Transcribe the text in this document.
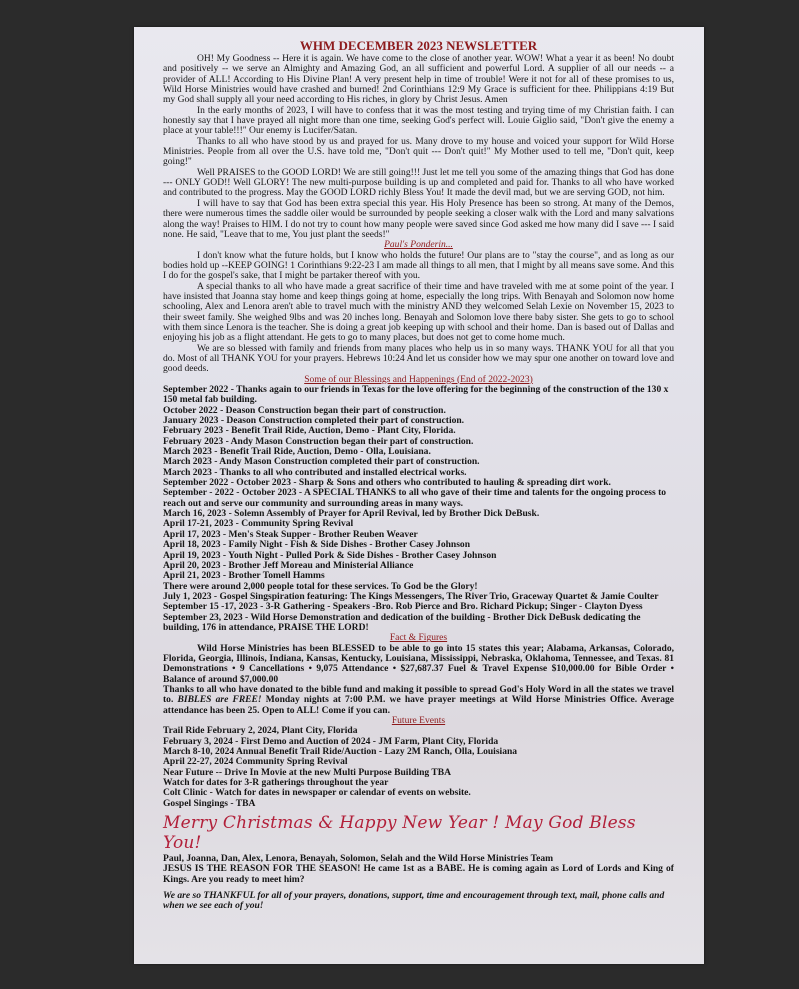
WHM DECEMBER 2023 NEWSLETTER

OH! My Goodness -- Here it is again. We have come to the close of another year. WOW! What a year it as been! No doubt and positively -- we serve an Almighty and Amazing God, an all sufficient and powerful Lord. A supplier of all our needs -- a provider of ALL! According to His Divine Plan! A very present help in time of trouble! Were it not for all of these promises to us, Wild Horse Ministries would have crashed and burned! 2nd Corinthians 12:9 My Grace is sufficient for thee. Philippians 4:19 But my God shall supply all your need according to His riches, in glory by Christ Jesus. Amen

In the early months of 2023, I will have to confess that it was the most testing and trying time of my Christian faith. I can honestly say that I have prayed all night more than one time, seeking God's perfect will. Louie Giglio said, "Don't give the enemy a place at your table!!!" Our enemy is Lucifer/Satan.

Thanks to all who have stood by us and prayed for us. Many drove to my house and voiced your support for Wild Horse Ministries. People from all over the U.S. have told me, "Don't quit --- Don't quit!" My Mother used to tell me, "Don't quit, keep going!"

Well PRAISES to the GOOD LORD! We are still going!!! Just let me tell you some of the amazing things that God has done --- ONLY GOD!! Well GLORY! The new multi-purpose building is up and completed and paid for. Thanks to all who have worked and contributed to the progress. May the GOOD LORD richly Bless You! It made the devil mad, but we are serving GOD, not him.

I will have to say that God has been extra special this year. His Holy Presence has been so strong. At many of the Demos, there were numerous times the saddle oiler would be surrounded by people seeking a closer walk with the Lord and many salvations along the way! Praises to HIM. I do not try to count how many people were saved since God asked me how many did I save --- I said none. He said, "Leave that to me, You just plant the seeds!"

Paul's Ponderin...

I don't know what the future holds, but I know who holds the future! Our plans are to "stay the course", and as long as our bodies hold up --KEEP GOING! 1 Corinthians 9:22-23 I am made all things to all men, that I might by all means save some. And this I do for the gospel's sake, that I might be partaker thereof with you.

A special thanks to all who have made a great sacrifice of their time and have traveled with me at some point of the year. I have insisted that Joanna stay home and keep things going at home, especially the long trips. With Benayah and Solomon now home schooling, Alex and Lenora aren't able to travel much with the ministry AND they welcomed Selah Lexie on November 15, 2023 to their sweet family. She weighed 9lbs and was 20 inches long. Benayah and Solomon love there baby sister. She gets to go to school with them since Lenora is the teacher. She is doing a great job keeping up with school and their home. Dan is based out of Dallas and enjoying his job as a flight attendant. He gets to go to many places, but does not get to come home much.

We are so blessed with family and friends from many places who help us in so many ways. THANK YOU for all that you do. Most of all THANK YOU for your prayers. Hebrews 10:24 And let us consider how we may spur one another on toward love and good deeds.

Some of our Blessings and Happenings (End of 2022-2023)
September 2022 - Thanks again to our friends in Texas for the love offering for the beginning of the construction of the 130 x 150 metal fab building.
October 2022 - Deason Construction began their part of construction.
January 2023 - Deason Construction completed their part of construction.
February 2023 - Benefit Trail Ride, Auction, Demo - Plant City, Florida.
February 2023 - Andy Mason Construction began their part of construction.
March 2023 - Benefit Trail Ride, Auction, Demo - Olla, Louisiana.
March 2023 - Andy Mason Construction completed their part of construction.
March 2023 - Thanks to all who contributed and installed electrical works.
September 2022 - October 2023 - Sharp & Sons and others who contributed to hauling & spreading dirt work.
September - 2022 - October 2023 - A SPECIAL THANKS to all who gave of their time and talents for the ongoing process to reach out and serve our community and surrounding areas in many ways.
March 16, 2023 - Solemn Assembly of Prayer for April Revival, led by Brother Dick DeBusk.
April 17-21, 2023 - Community Spring Revival
April 17, 2023 - Men's Steak Supper - Brother Reuben Weaver
April 18, 2023 - Family Night - Fish & Side Dishes - Brother Casey Johnson
April 19, 2023 - Youth Night - Pulled Pork & Side Dishes - Brother Casey Johnson
April 20, 2023 - Brother Jeff Moreau and Ministerial Alliance
April 21, 2023 - Brother Tomell Hamms
There were around 2,000 people total for these services. To God be the Glory!
July 1, 2023 - Gospel Singspiration featuring: The Kings Messengers, The River Trio, Graceway Quartet & Jamie Coulter
September 15 -17, 2023 - 3-R Gathering - Speakers -Bro. Rob Pierce and Bro. Richard Pickup; Singer - Clayton Dyess
September 23, 2023 - Wild Horse Demonstration and dedication of the building - Brother Dick DeBusk dedicating the building, 176 in attendance, PRAISE THE LORD!
Fact & Figures

Wild Horse Ministries has been BLESSED to be able to go into 15 states this year; Alabama, Arkansas, Colorado, Florida, Georgia, Illinois, Indiana, Kansas, Kentucky, Louisiana, Mississippi, Nebraska, Oklahoma, Tennessee, and Texas. 81 Demonstrations • 9 Cancellations • 9,075 Attendance • $27,687.37 Fuel & Travel Expense $10,000.00 for Bible Order • Balance of around $7,000.00

Thanks to all who have donated to the bible fund and making it possible to spread God's Holy Word in all the states we travel to. BIBLES are FREE! Monday nights at 7:00 P.M. we have prayer meetings at Wild Horse Ministries Office. Average attendance has been 25. Open to ALL! Come if you can.

Future Events
Trail Ride February 2, 2024, Plant City, Florida
February 3, 2024 - First Demo and Auction of 2024 - JM Farm, Plant City, Florida
March 8-10, 2024 Annual Benefit Trail Ride/Auction - Lazy 2M Ranch, Olla, Louisiana
April 22-27, 2024 Community Spring Revival
Near Future -- Drive In Movie at the new Multi Purpose Building TBA
Watch for dates for 3-R gatherings throughout the year
Colt Clinic - Watch for dates in newspaper or calendar of events on website.
Gospel Singings - TBA
Merry Christmas & Happy New Year ! May God Bless You!

Paul, Joanna, Dan, Alex, Lenora, Benayah, Solomon, Selah and the Wild Horse Ministries Team

JESUS IS THE REASON FOR THE SEASON! He came 1st as a BABE. He is coming again as Lord of Lords and King of Kings. Are you ready to meet him?

We are so THANKFUL for all of your prayers, donations, support, time and encouragement through text, mail, phone calls and when we see each of you!
